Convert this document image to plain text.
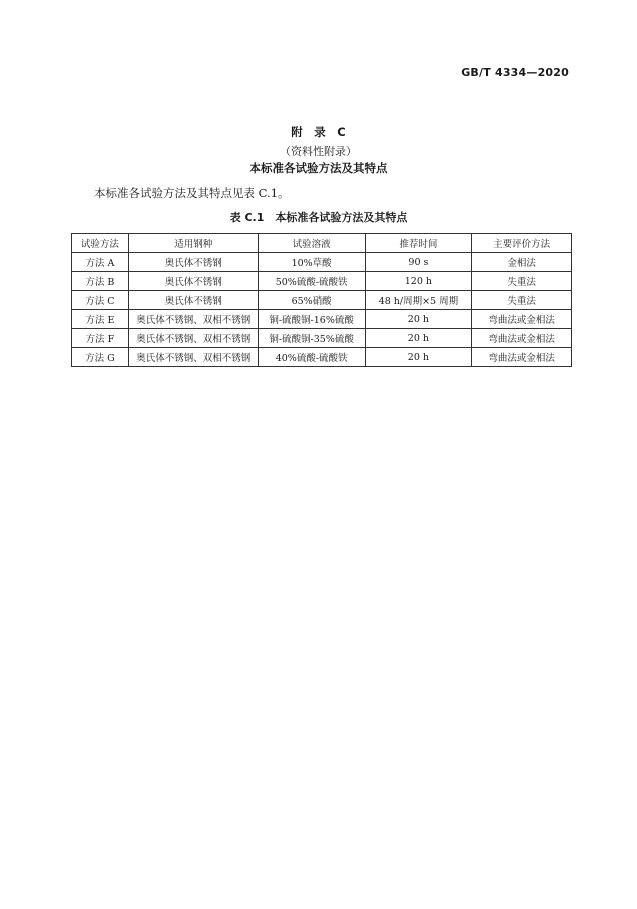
GB/T 4334—2020
附　录　C
（资料性附录）
本标准各试验方法及其特点
本标准各试验方法及其特点见表 C.1。
表 C.1　本标准各试验方法及其特点
试验方法	适用钢种	试验溶液	推荐时间	主要评价方法
方法 A	奥氏体不锈钢	10%草酸	90 s	金相法
方法 B	奥氏体不锈钢	50%硫酸-硫酸铁	120 h	失重法
方法 C	奥氏体不锈钢	65%硝酸	48 h/周期×5 周期	失重法
方法 E	奥氏体不锈钢、双相不锈钢	铜-硫酸铜-16%硫酸	20 h	弯曲法或金相法
方法 F	奥氏体不锈钢、双相不锈钢	铜-硫酸铜-35%硫酸	20 h	弯曲法或金相法
方法 G	奥氏体不锈钢、双相不锈钢	40%硫酸-硫酸铁	20 h	弯曲法或金相法
